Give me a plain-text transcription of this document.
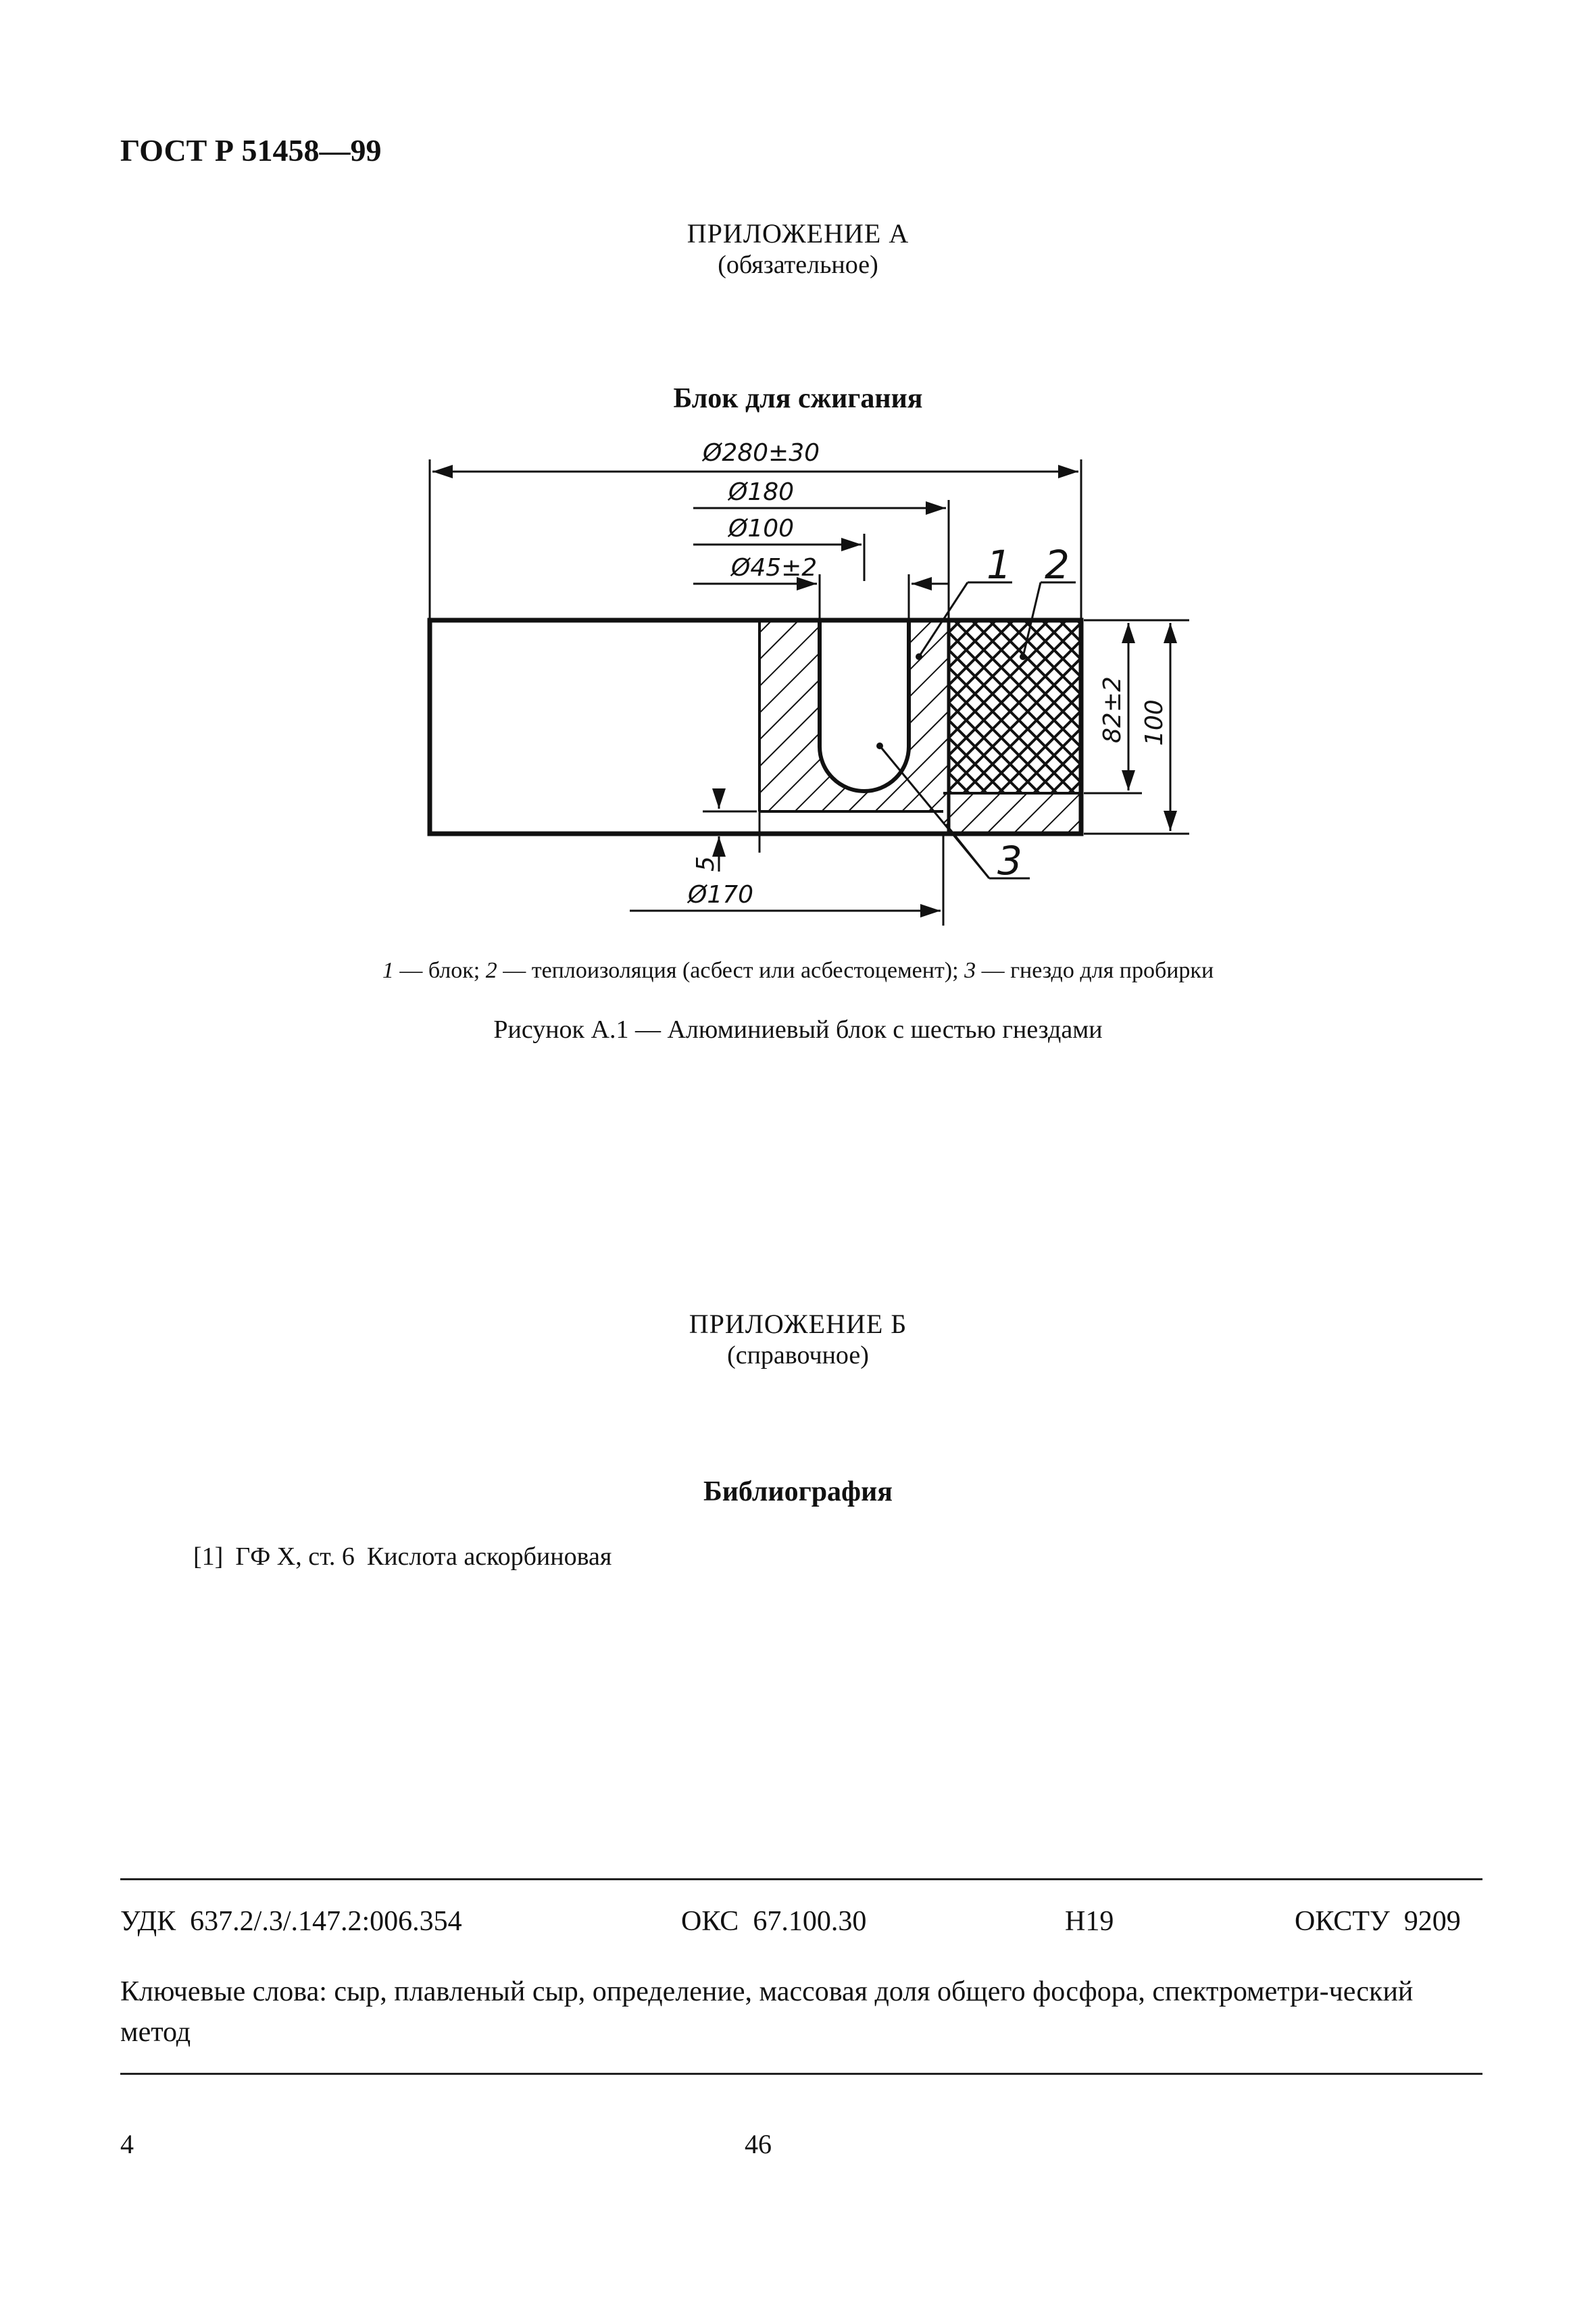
ГОСТ Р 51458—99
ПРИЛОЖЕНИЕ А
(обязательное)
Блок для сжигания
Ø280±30
Ø180
Ø100
Ø45±2
Ø170
5
82±2 100
1 2
3
1 — блок; 2 — теплоизоляция (асбест или асбестоцемент); 3 — гнездо для пробирки
Рисунок А.1 — Алюминиевый блок с шестью гнездами
ПРИЛОЖЕНИЕ Б
(справочное)
Библиография
[1] ГФ Х, ст. 6 Кислота аскорбиновая
УДК 637.2/.3/.147.2:006.354	ОКС 67.100.30	Н19	ОКСТУ 9209
Ключевые слова: сыр, плавленый сыр, определение, массовая доля общего фосфора, спектрометри-ческий метод
4	46
